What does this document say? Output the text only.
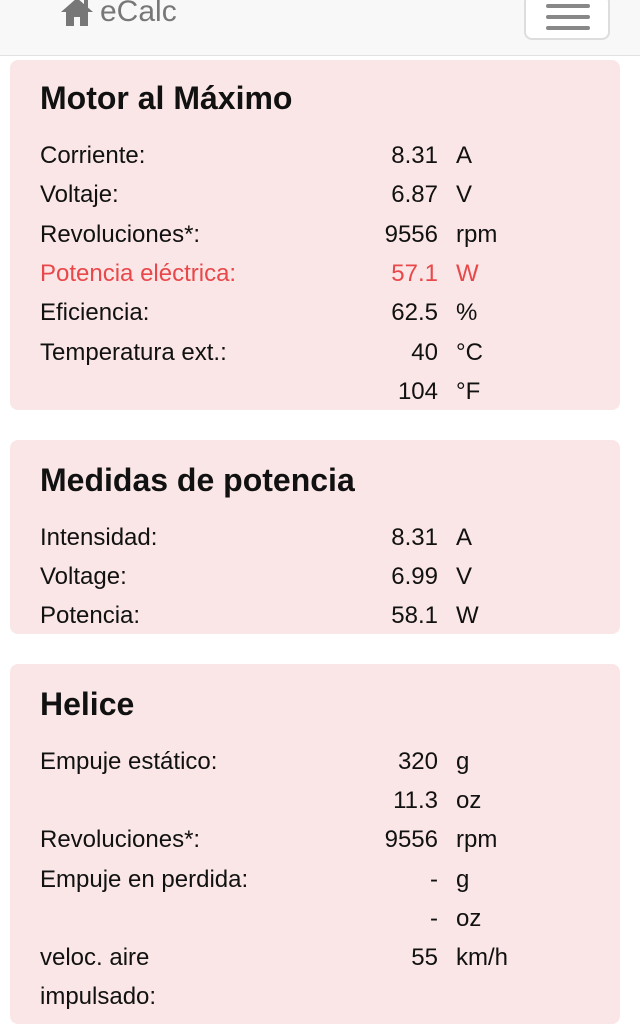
eCalc
Motor al Máximo
Corriente:	8.31 A
Voltaje:	6.87 V
Revoluciones*:	9556 rpm
Potencia eléctrica:	57.1 W
Eficiencia:	62.5 %
Temperatura ext.:	40 °C
104 °F
Medidas de potencia
Intensidad:	8.31 A
Voltage:	6.99 V
Potencia:	58.1 W
Helice
Empuje estático:	320 g
11.3 oz
Revoluciones*:	9556 rpm
Empuje en perdida:	- g
- oz
veloc. aire	55 km/h
impulsado:
